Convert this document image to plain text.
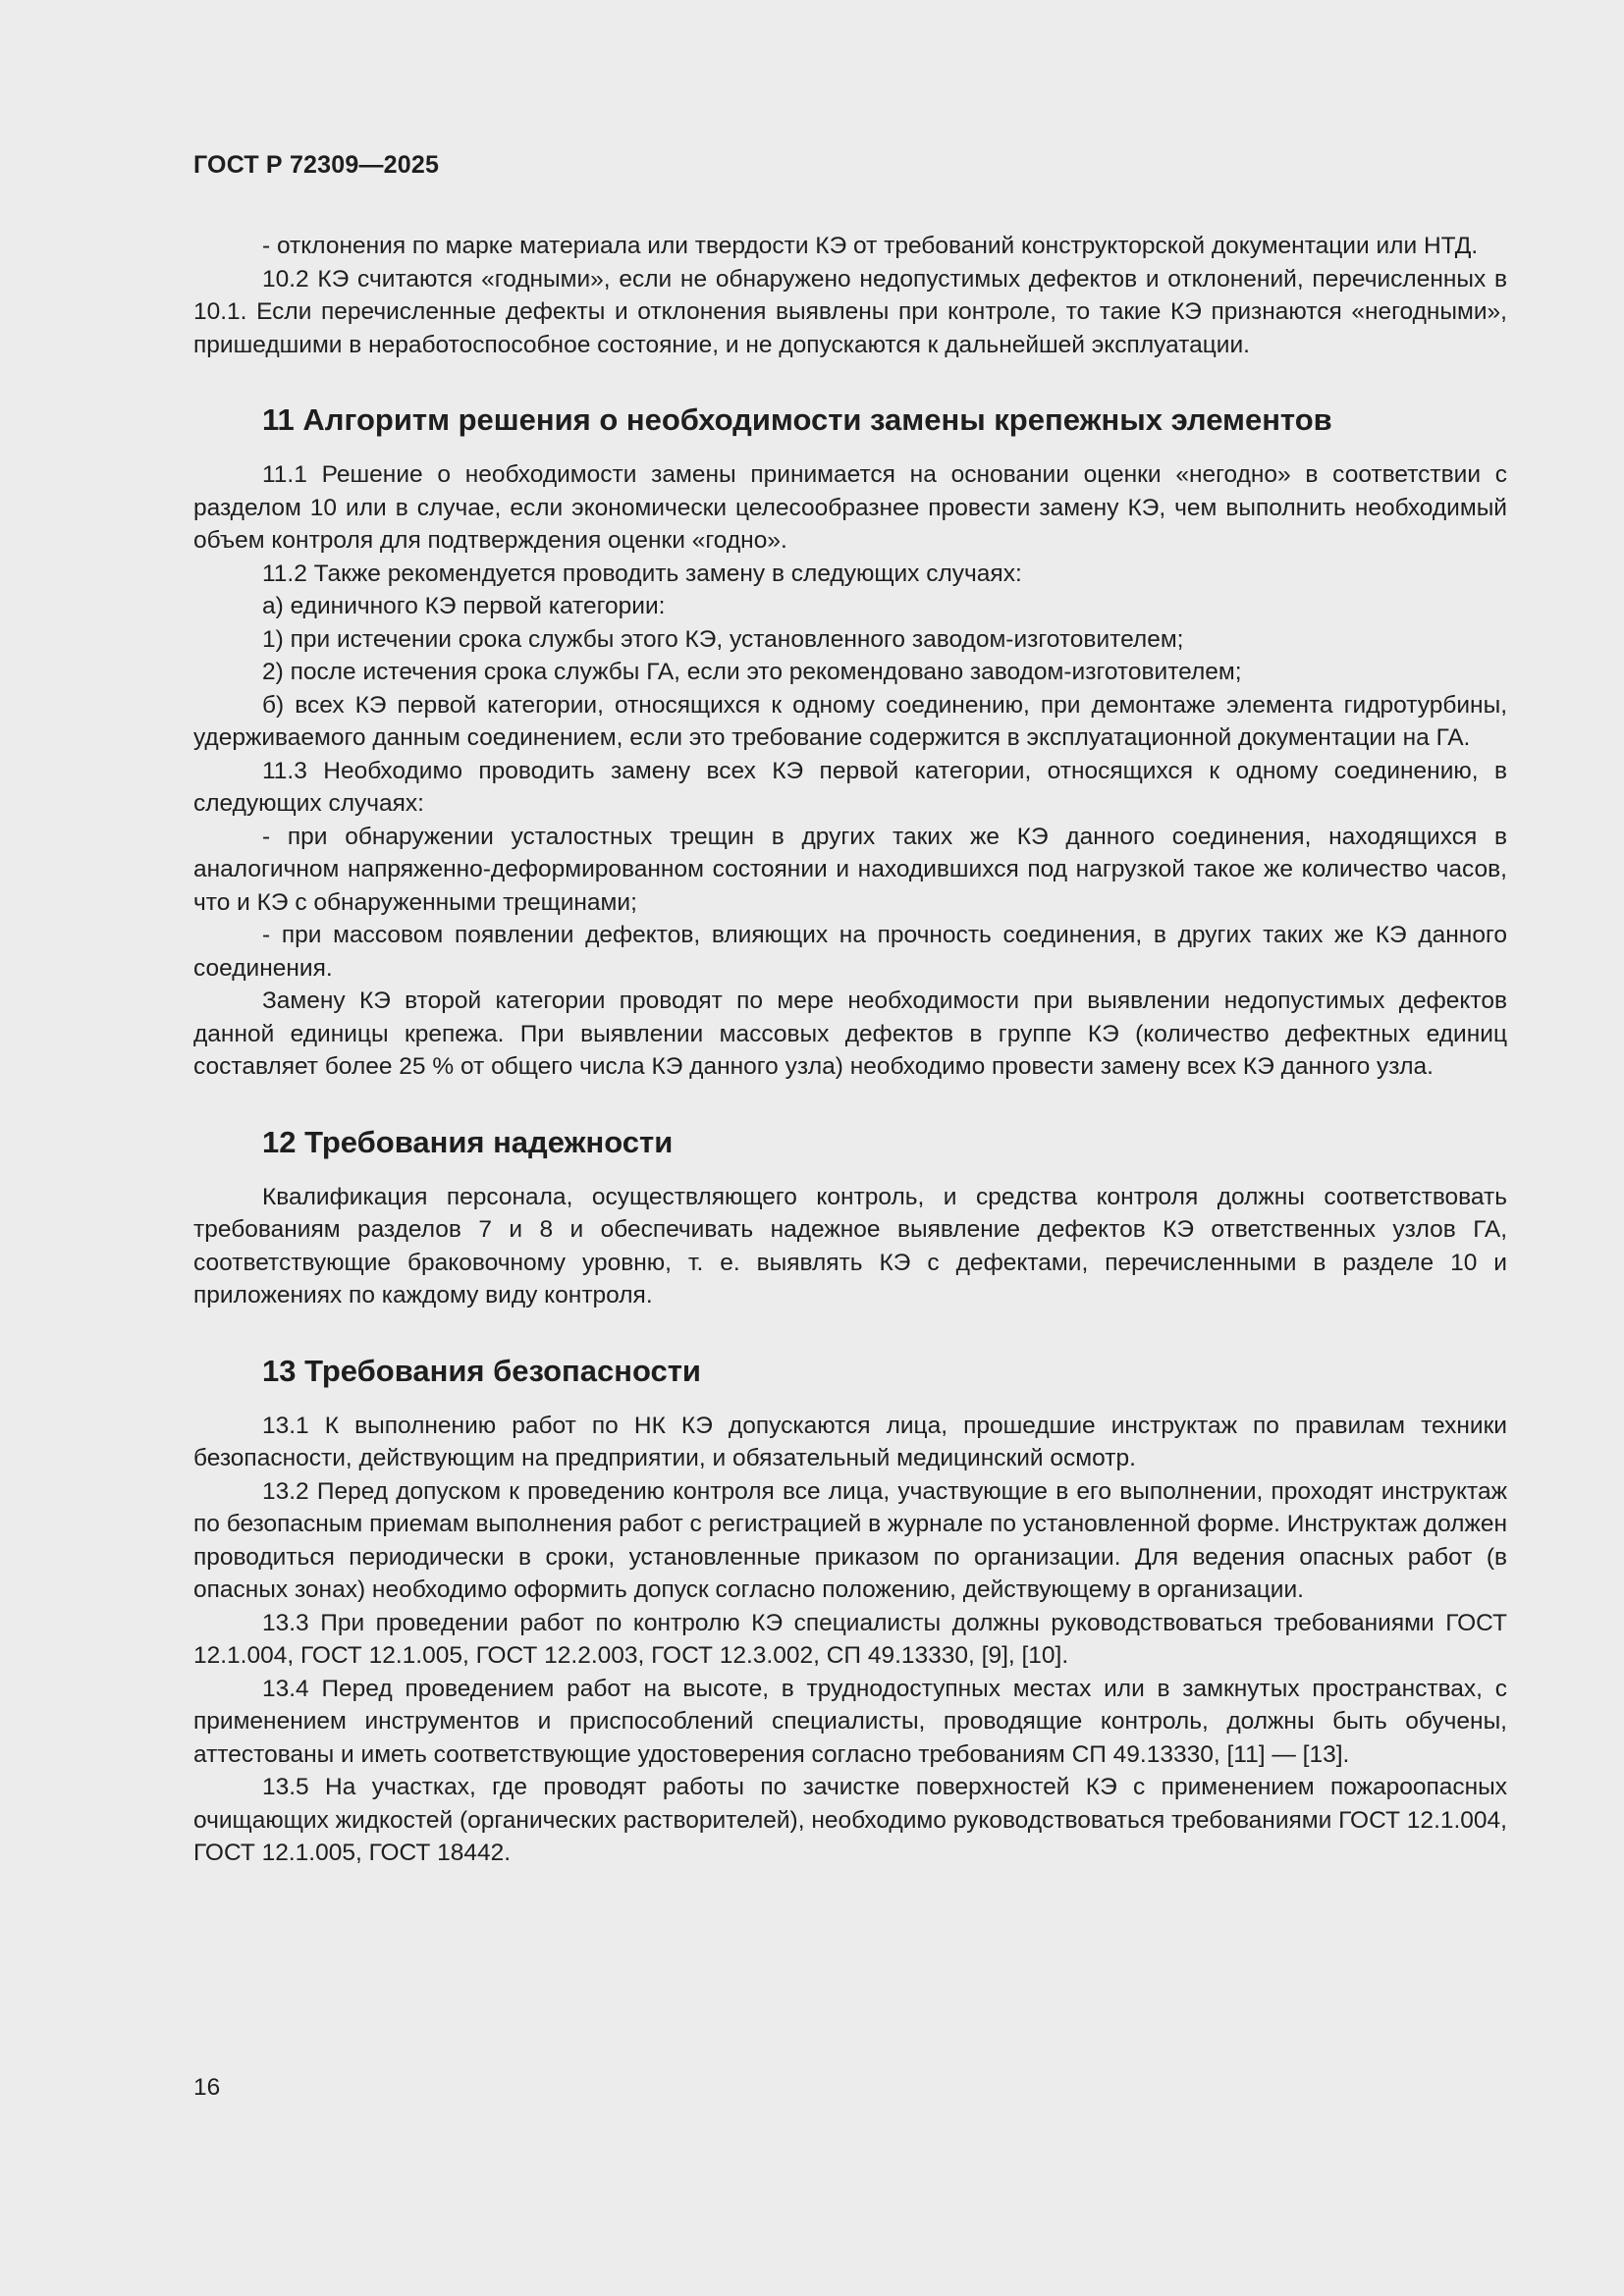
ГОСТ Р 72309—2025

- отклонения по марке материала или твердости КЭ от требований конструкторской документации или НТД.

10.2 КЭ считаются «годными», если не обнаружено недопустимых дефектов и отклонений, перечисленных в 10.1. Если перечисленные дефекты и отклонения выявлены при контроле, то такие КЭ признаются «негодными», пришедшими в неработоспособное состояние, и не допускаются к дальнейшей эксплуатации.

11 Алгоритм решения о необходимости замены крепежных элементов

11.1 Решение о необходимости замены принимается на основании оценки «негодно» в соответствии с разделом 10 или в случае, если экономически целесообразнее провести замену КЭ, чем выполнить необходимый объем контроля для подтверждения оценки «годно».

11.2 Также рекомендуется проводить замену в следующих случаях:

а) единичного КЭ первой категории:

1) при истечении срока службы этого КЭ, установленного заводом-изготовителем;

2) после истечения срока службы ГА, если это рекомендовано заводом-изготовителем;

б) всех КЭ первой категории, относящихся к одному соединению, при демонтаже элемента гидротурбины, удерживаемого данным соединением, если это требование содержится в эксплуатационной документации на ГА.

11.3 Необходимо проводить замену всех КЭ первой категории, относящихся к одному соединению, в следующих случаях:

- при обнаружении усталостных трещин в других таких же КЭ данного соединения, находящихся в аналогичном напряженно-деформированном состоянии и находившихся под нагрузкой такое же количество часов, что и КЭ с обнаруженными трещинами;

- при массовом появлении дефектов, влияющих на прочность соединения, в других таких же КЭ данного соединения.

Замену КЭ второй категории проводят по мере необходимости при выявлении недопустимых дефектов данной единицы крепежа. При выявлении массовых дефектов в группе КЭ (количество дефектных единиц составляет более 25 % от общего числа КЭ данного узла) необходимо провести замену всех КЭ данного узла.

12 Требования надежности

Квалификация персонала, осуществляющего контроль, и средства контроля должны соответствовать требованиям разделов 7 и 8 и обеспечивать надежное выявление дефектов КЭ ответственных узлов ГА, соответствующие браковочному уровню, т. е. выявлять КЭ с дефектами, перечисленными в разделе 10 и приложениях по каждому виду контроля.

13 Требования безопасности

13.1 К выполнению работ по НК КЭ допускаются лица, прошедшие инструктаж по правилам техники безопасности, действующим на предприятии, и обязательный медицинский осмотр.

13.2 Перед допуском к проведению контроля все лица, участвующие в его выполнении, проходят инструктаж по безопасным приемам выполнения работ с регистрацией в журнале по установленной форме. Инструктаж должен проводиться периодически в сроки, установленные приказом по организации. Для ведения опасных работ (в опасных зонах) необходимо оформить допуск согласно положению, действующему в организации.

13.3 При проведении работ по контролю КЭ специалисты должны руководствоваться требованиями ГОСТ 12.1.004, ГОСТ 12.1.005, ГОСТ 12.2.003, ГОСТ 12.3.002, СП 49.13330, [9], [10].

13.4 Перед проведением работ на высоте, в труднодоступных местах или в замкнутых пространствах, с применением инструментов и приспособлений специалисты, проводящие контроль, должны быть обучены, аттестованы и иметь соответствующие удостоверения согласно требованиям СП 49.13330, [11] — [13].

13.5 На участках, где проводят работы по зачистке поверхностей КЭ с применением пожароопасных очищающих жидкостей (органических растворителей), необходимо руководствоваться требованиями ГОСТ 12.1.004, ГОСТ 12.1.005, ГОСТ 18442.

16
